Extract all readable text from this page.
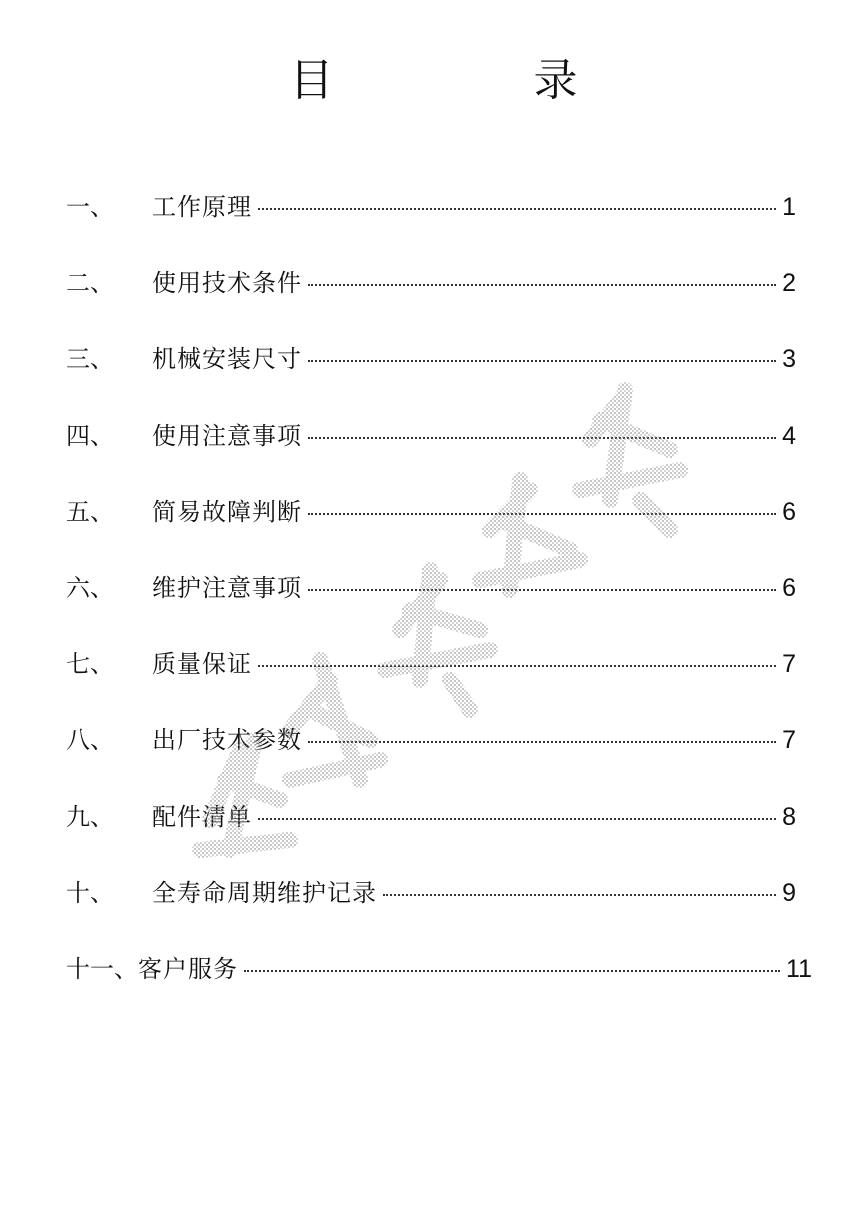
目　录
一、	工作原理	1
二、	使用技术条件	2
三、	机械安装尺寸	3
四、	使用注意事项	4
五、	简易故障判断	6
六、	维护注意事项	6
七、	质量保证	7
八、	出厂技术参数	7
九、	配件清单	8
十、	全寿命周期维护记录	9
十一、 客户服务	11
